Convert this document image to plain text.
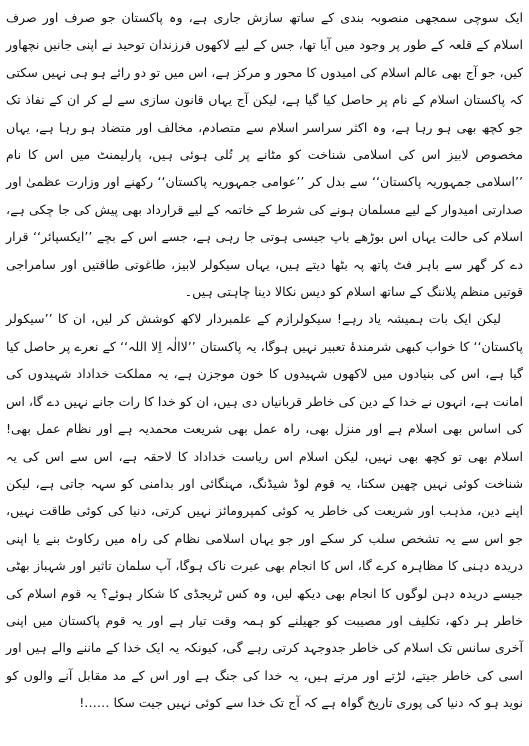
ایک سوچی سمجھی منصوبہ بندی کے ساتھ سازش جاری ہے، وہ پاکستان جو صرف اور صرف اسلام کے قلعہ کے طور پر وجود میں آیا تھا، جس کے لیے لاکھوں فرزندان توحید نے اپنی جانیں نچھاور کیں، جو آج بھی عالم اسلام کی امیدوں کا محور و مرکز ہے، اس میں تو دو رائے ہو ہی نہیں سکتی کہ پاکستان اسلام کے نام پر حاصل کیا گیا ہے، لیکن آج یہاں قانون سازی سے لے کر ان کے نفاذ تک جو کچھ بھی ہو رہا ہے، وہ اکثر سراسر اسلام سے متصادم، مخالف اور متضاد ہو رہا ہے، یہاں مخصوص لابیز اس کی اسلامی شناخت کو مٹانے پر تُلی ہوئی ہیں، پارلیمنٹ میں اس کا نام ’’اسلامی جمہوریہ پاکستان‘‘ سے بدل کر ’’عوامی جمہوریہ پاکستان‘‘ رکھنے اور وزارت عظمیٰ اور صدارتی امیدوار کے لیے مسلمان ہونے کی شرط کے خاتمہ کے لیے قرارداد بھی پیش کی جا چکی ہے، اسلام کی حالت یہاں اس بوڑھے باپ جیسی ہوتی جا رہی ہے، جسے اس کے بچے ’’ایکسپائر‘‘ قرار دے کر گھر سے باہر فٹ پاتھ پہ بٹھا دیتے ہیں، یہاں سیکولر لابیز، طاغوتی طاقتیں اور سامراجی قوتیں منظم پلاننگ کے ساتھ اسلام کو دیس نکالا دینا چاہتی ہیں۔

لیکن ایک بات ہمیشہ یاد رہے! سیکولرازم کے علمبردار لاکھ کوشش کر لیں، ان کا ’’سیکولر پاکستان‘‘ کا خواب کبھی شرمندۂ تعبیر نہیں ہوگا، یہ پاکستان ’’لاالٰہ اِلا اللہ‘‘ کے نعرے پر حاصل کیا گیا ہے، اس کی بنیادوں میں لاکھوں شہیدوں کا خون موجزن ہے، یہ مملکت خداداد شہیدوں کی امانت ہے، انہوں نے خدا کے دین کی خاطر قربانیاں دی ہیں، ان کو خدا کا رات جانے نہیں دے گا، اس کی اساس بھی اسلام ہے اور منزل بھی، راہ عمل بھی شریعت محمدیہ ہے اور نظام عمل بھی! اسلام بھی تو کچھ بھی نہیں، لیکن اسلام اس ریاست خداداد کا لاحقہ ہے، اس سے اس کی یہ شناخت کوئی نہیں چھین سکتا، یہ قوم لوڈ شیڈنگ، مہنگائی اور بدامنی کو سہہ جاتی ہے، لیکن اپنے دین، مذہب اور شریعت کی خاطر یہ کوئی کمپرومائز نہیں کرتی، دنیا کی کوئی طاقت نہیں، جو اس سے یہ تشخص سلب کر سکے اور جو یہاں اسلامی نظام کی راہ میں رکاوٹ بنے یا اپنی دریدہ دہنی کا مظاہرہ کرے گا، اس کا انجام بھی عبرت ناک ہوگا، آپ سلمان تاثیر اور شہباز بھٹی جیسے دریدہ دہن لوگوں کا انجام بھی دیکھ لیں، وہ کس ٹریجڈی کا شکار ہوئے؟ یہ قوم اسلام کی خاطر ہر دکھ، تکلیف اور مصیبت کو جھیلنے کو ہمہ وقت تیار ہے اور یہ قوم پاکستان میں اپنی آخری سانس تک اسلام کی خاطر جدوجہد کرتی رہے گی، کیونکہ یہ ایک خدا کے ماننے والے ہیں اور اسی کی خاطر جیتے، لڑتے اور مرتے ہیں، یہ خدا کی جنگ ہے اور اس کے مد مقابل آنے والوں کو نوید ہو کہ دنیا کی پوری تاریخ گواہ ہے کہ آج تک خدا سے کوئی نہیں جیت سکا ……!
